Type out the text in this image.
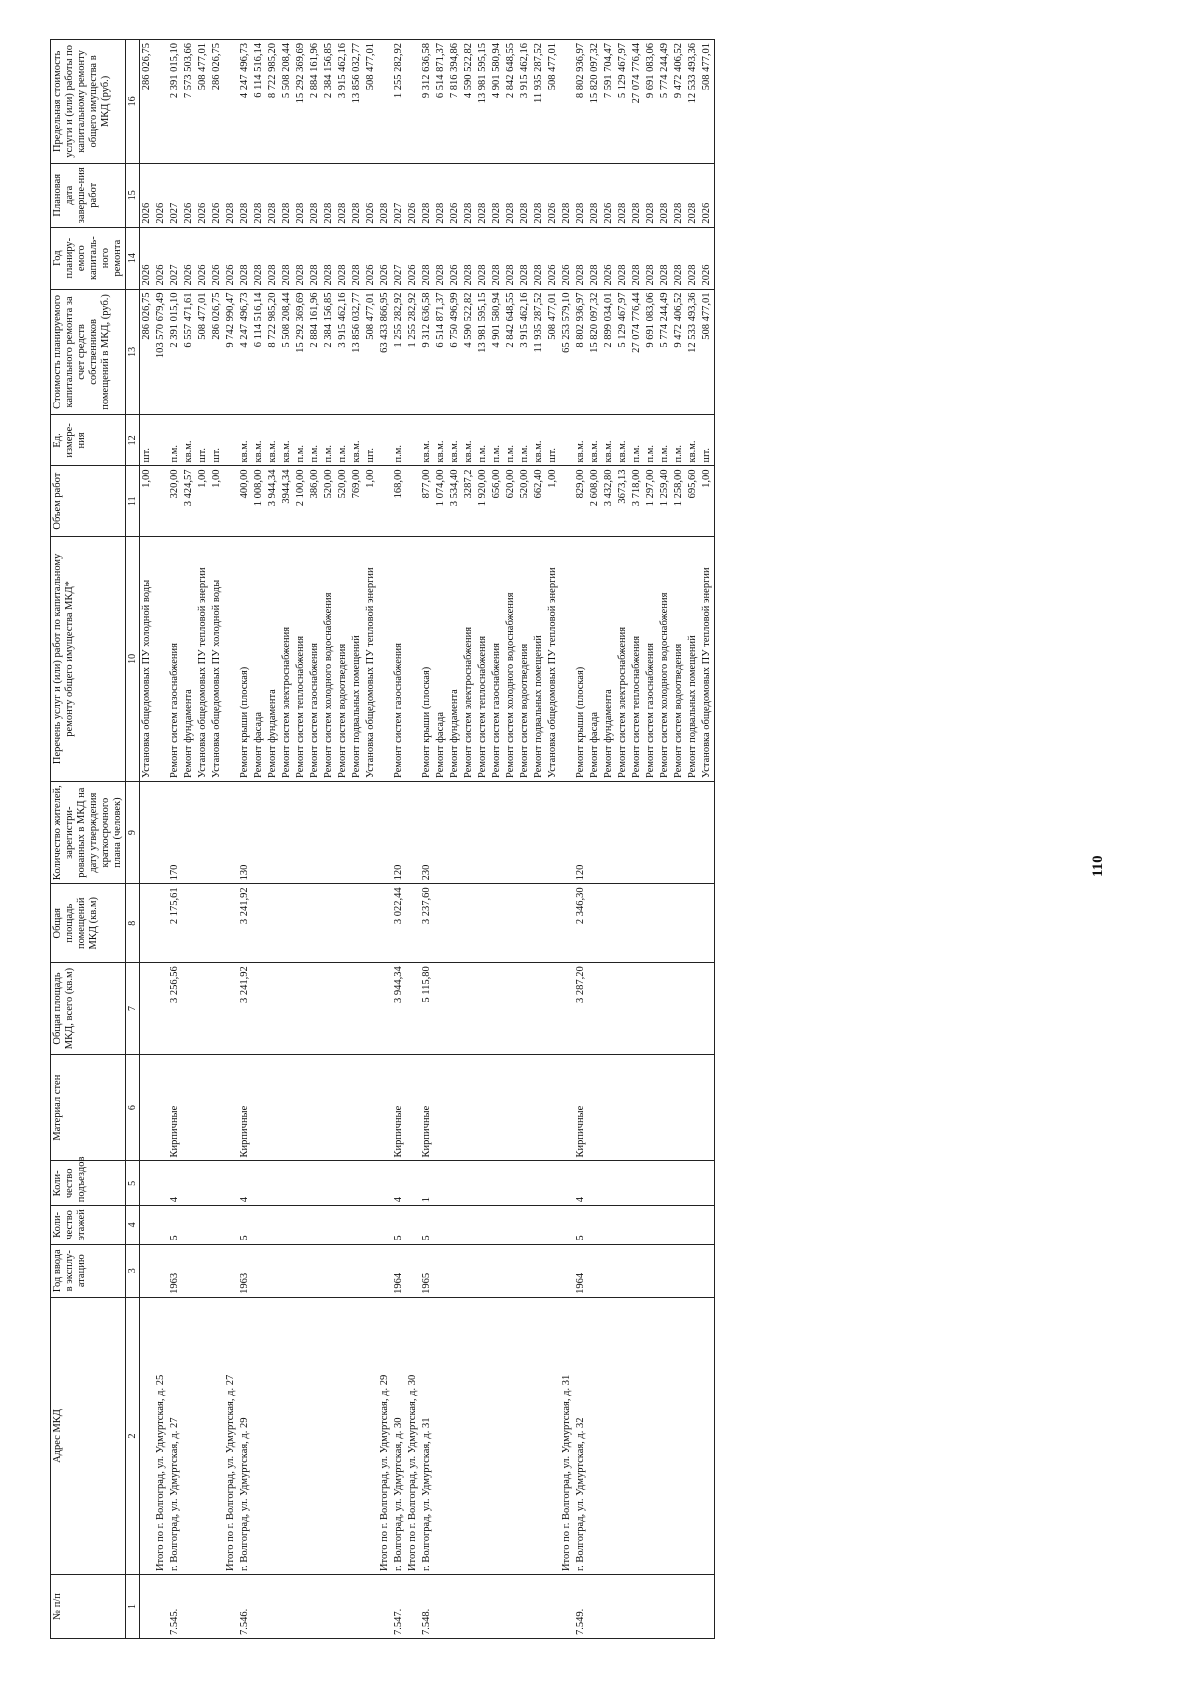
110
№ п/п	Адрес МКД	Год ввода в эксплу-атацию	Коли-чество этажей	Коли-чество подъездов	Материал стен	Общая площадь МКД, всего (кв.м)	Общая площадь помещений МКД (кв.м)	Количество жителей, зарегистри-рованных в МКД на дату утверждения краткосрочного плана (человек)	Перечень услуг и (или) работ по капитальному ремонту общего имущества МКД*	Объем работ	Ед. измере-ния	Стоимость планируемого капитального ремонта за счет средств собственников помещений в МКД, (руб.)	Год планиру-емого капиталь-ного ремонта	Плановая дата заверше-ния работ	Предельная стоимость услуги и (или) работы по капитальному ремонту общего имущества в МКД (руб.)
1	2	3	4	5	6	7	8	9	10	11	12	13	14	15	16
									Установка общедомовых ПУ холодной воды	1,00	шт.	286 026,75	2026	2026	286 026,75
	Итого по г. Волгоград, ул. Удмуртская, д. 25											103 570 679,49	2026	2026	
7.545.	г. Волгоград, ул. Удмуртская, д. 27	1963	5	4	Кирпичные	3 256,56	2 175,61	170	Ремонт систем газоснабжения	320,00	п.м.	2 391 015,10	2027	2027	2 391 015,10
									Ремонт фундамента	3 424,57	кв.м.	6 557 471,61	2026	2026	7 573 503,66
									Установка общедомовых ПУ тепловой энергии	1,00	шт.	508 477,01	2026	2026	508 477,01
									Установка общедомовых ПУ холодной воды	1,00	шт.	286 026,75	2026	2026	286 026,75
	Итого по г. Волгоград, ул. Удмуртская, д. 27											9 742 990,47	2026	2028	
7.546.	г. Волгоград, ул. Удмуртская, д. 29	1963	5	4	Кирпичные	3 241,92	3 241,92	130	Ремонт крыши (плоская)	400,00	кв.м.	4 247 496,73	2028	2028	4 247 496,73
									Ремонт фасада	1 008,00	кв.м.	6 114 516,14	2028	2028	6 114 516,14
									Ремонт фундамента	3 944,34	кв.м.	8 722 985,20	2028	2028	8 722 985,20
									Ремонт систем электроснабжения	3944,34	кв.м.	5 508 208,44	2028	2028	5 508 208,44
									Ремонт систем теплоснабжения	2 100,00	п.м.	15 292 369,69	2028	2028	15 292 369,69
									Ремонт систем газоснабжения	386,00	п.м.	2 884 161,96	2028	2028	2 884 161,96
									Ремонт систем холодного водоснабжения	520,00	п.м.	2 384 156,85	2028	2028	2 384 156,85
									Ремонт систем водоотведения	520,00	п.м.	3 915 462,16	2028	2028	3 915 462,16
									Ремонт подвальных помещений	769,00	кв.м.	13 856 032,77	2028	2028	13 856 032,77
									Установка общедомовых ПУ тепловой энергии	1,00	шт.	508 477,01	2026	2026	508 477,01
	Итого по г. Волгоград, ул. Удмуртская, д. 29											63 433 866,95	2026	2028	
7.547.	г. Волгоград, ул. Удмуртская, д. 30	1964	5	4	Кирпичные	3 944,34	3 022,44	120	Ремонт систем газоснабжения	168,00	п.м.	1 255 282,92	2027	2027	1 255 282,92
	Итого по г. Волгоград, ул. Удмуртская, д. 30											1 255 282,92	2026	2026	
7.548.	г. Волгоград, ул. Удмуртская, д. 31	1965	5	1	Кирпичные	5 115,80	3 237,60	230	Ремонт крыши (плоская)	877,00	кв.м.	9 312 636,58	2028	2028	9 312 636,58
									Ремонт фасада	1 074,00	кв.м.	6 514 871,37	2028	2028	6 514 871,37
									Ремонт фундамента	3 534,40	кв.м.	6 750 496,99	2026	2026	7 816 394,86
									Ремонт систем электроснабжения	3287,2	кв.м.	4 590 522,82	2028	2028	4 590 522,82
									Ремонт систем теплоснабжения	1 920,00	п.м.	13 981 595,15	2028	2028	13 981 595,15
									Ремонт систем газоснабжения	656,00	п.м.	4 901 580,94	2028	2028	4 901 580,94
									Ремонт систем холодного водоснабжения	620,00	п.м.	2 842 648,55	2028	2028	2 842 648,55
									Ремонт систем водоотведения	520,00	п.м.	3 915 462,16	2028	2028	3 915 462,16
									Ремонт подвальных помещений	662,40	кв.м.	11 935 287,52	2028	2028	11 935 287,52
									Установка общедомовых ПУ тепловой энергии	1,00	шт.	508 477,01	2026	2026	508 477,01
	Итого по г. Волгоград, ул. Удмуртская, д. 31											65 253 579,10	2026	2028	
7.549.	г. Волгоград, ул. Удмуртская, д. 32	1964	5	4	Кирпичные	3 287,20	2 346,30	120	Ремонт крыши (плоская)	829,00	кв.м.	8 802 936,97	2028	2028	8 802 936,97
									Ремонт фасада	2 608,00	кв.м.	15 820 097,32	2028	2028	15 820 097,32
									Ремонт фундамента	3 432,80	кв.м.	2 899 034,01	2026	2026	7 591 704,47
									Ремонт систем электроснабжения	3673,13	кв.м.	5 129 467,97	2028	2028	5 129 467,97
									Ремонт систем теплоснабжения	3 718,00	п.м.	27 074 776,44	2028	2028	27 074 776,44
									Ремонт систем газоснабжения	1 297,00	п.м.	9 691 083,06	2028	2028	9 691 083,06
									Ремонт систем холодного водоснабжения	1 259,40	п.м.	5 774 244,49	2028	2028	5 774 244,49
									Ремонт систем водоотведения	1 258,00	п.м.	9 472 406,52	2028	2028	9 472 406,52
									Ремонт подвальных помещений	695,60	кв.м.	12 533 493,36	2028	2028	12 533 493,36
									Установка общедомовых ПУ тепловой энергии	1,00	шт.	508 477,01	2026	2026	508 477,01
